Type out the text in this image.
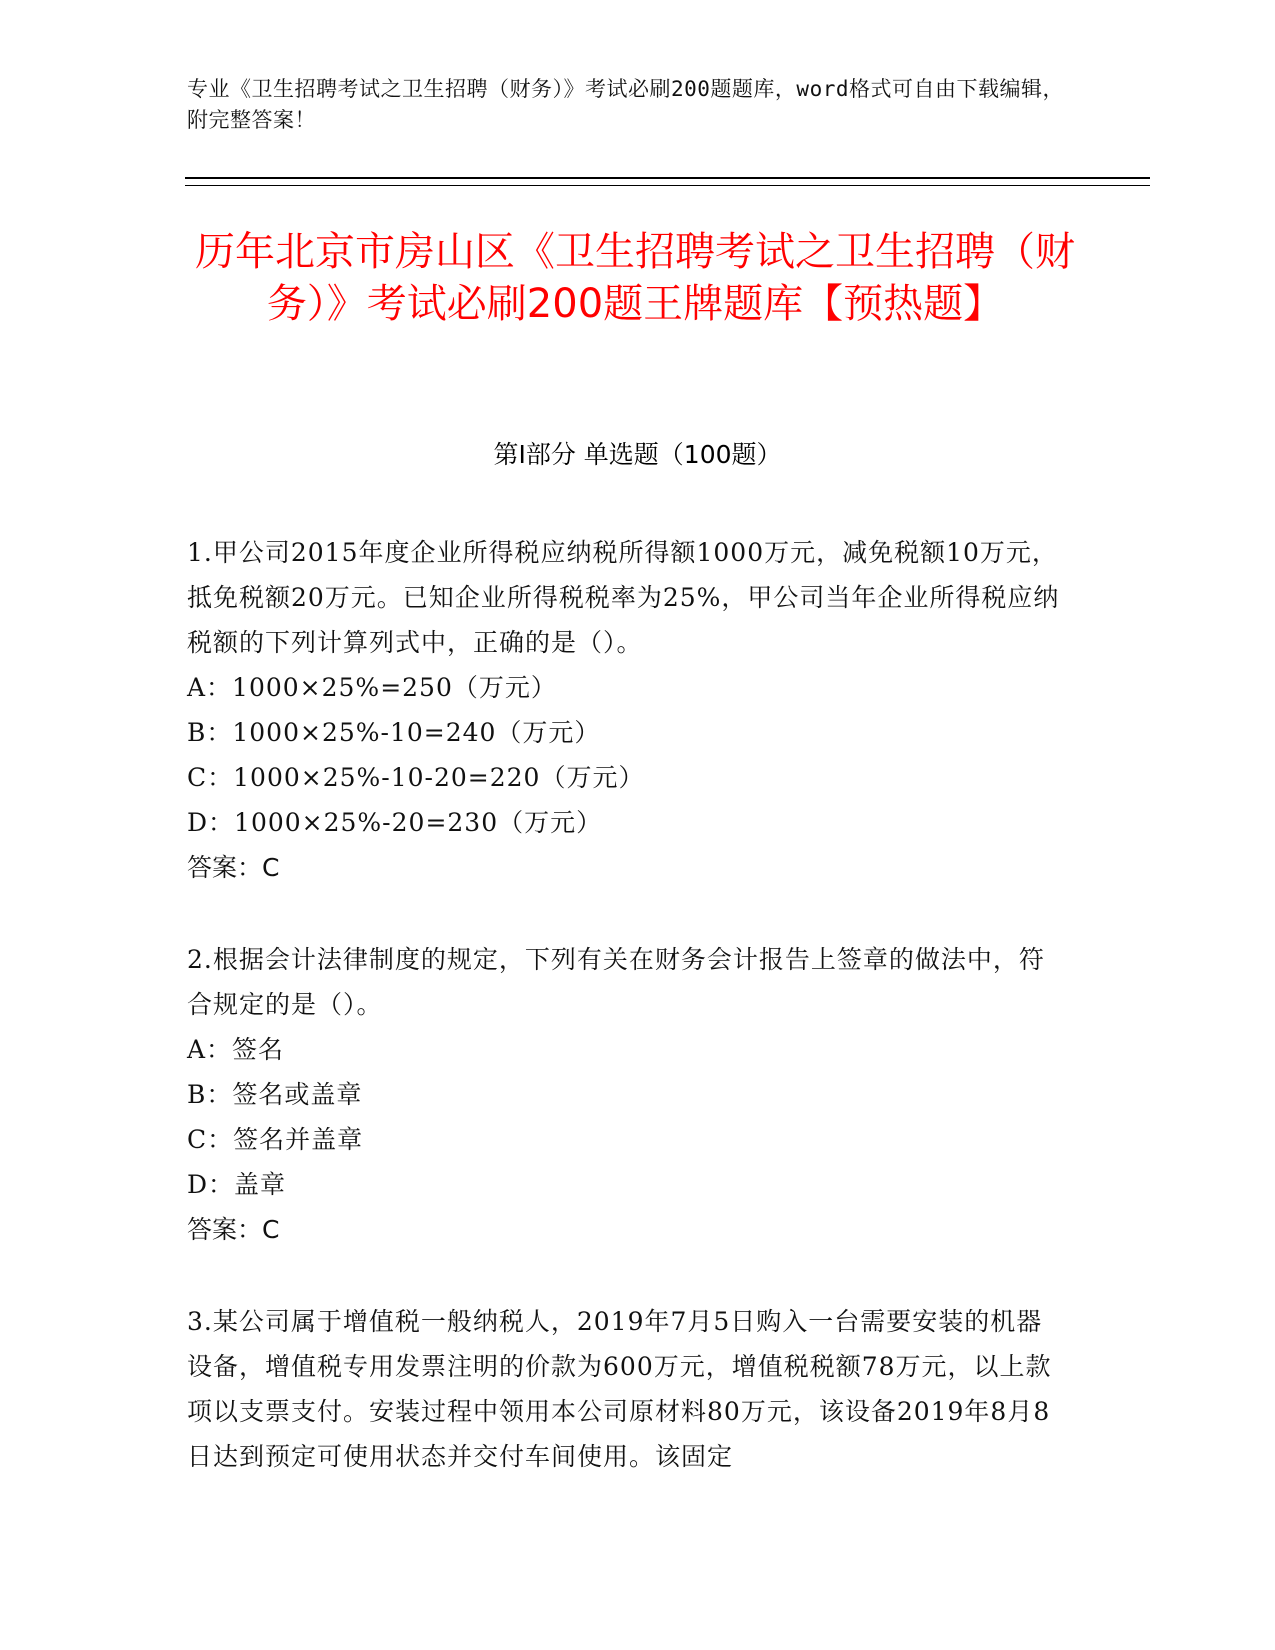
专业《卫生招聘考试之卫生招聘（财务）》考试必刷200题题库，word格式可自由下载编辑，附完整答案！
历年北京市房山区《卫生招聘考试之卫生招聘（财务）》考试必刷200题王牌题库【预热题】
第Ⅰ部分 单选题（100题）
1.甲公司2015年度企业所得税应纳税所得额1000万元，减免税额10万元，抵免税额20万元。已知企业所得税税率为25%，甲公司当年企业所得税应纳税额的下列计算列式中，正确的是（）。
A：1000×25%=250（万元）
B：1000×25%-10=240（万元）
C：1000×25%-10-20=220（万元）
D：1000×25%-20=230（万元）
答案：C
2.根据会计法律制度的规定，下列有关在财务会计报告上签章的做法中，符合规定的是（）。
A：签名
B：签名或盖章
C：签名并盖章
D：盖章
答案：C
3.某公司属于增值税一般纳税人，2019年7月5日购入一台需要安装的机器设备，增值税专用发票注明的价款为600万元，增值税税额78万元，以上款项以支票支付。安装过程中领用本公司原材料80万元，该设备2019年8月8日达到预定可使用状态并交付车间使用。该固定
